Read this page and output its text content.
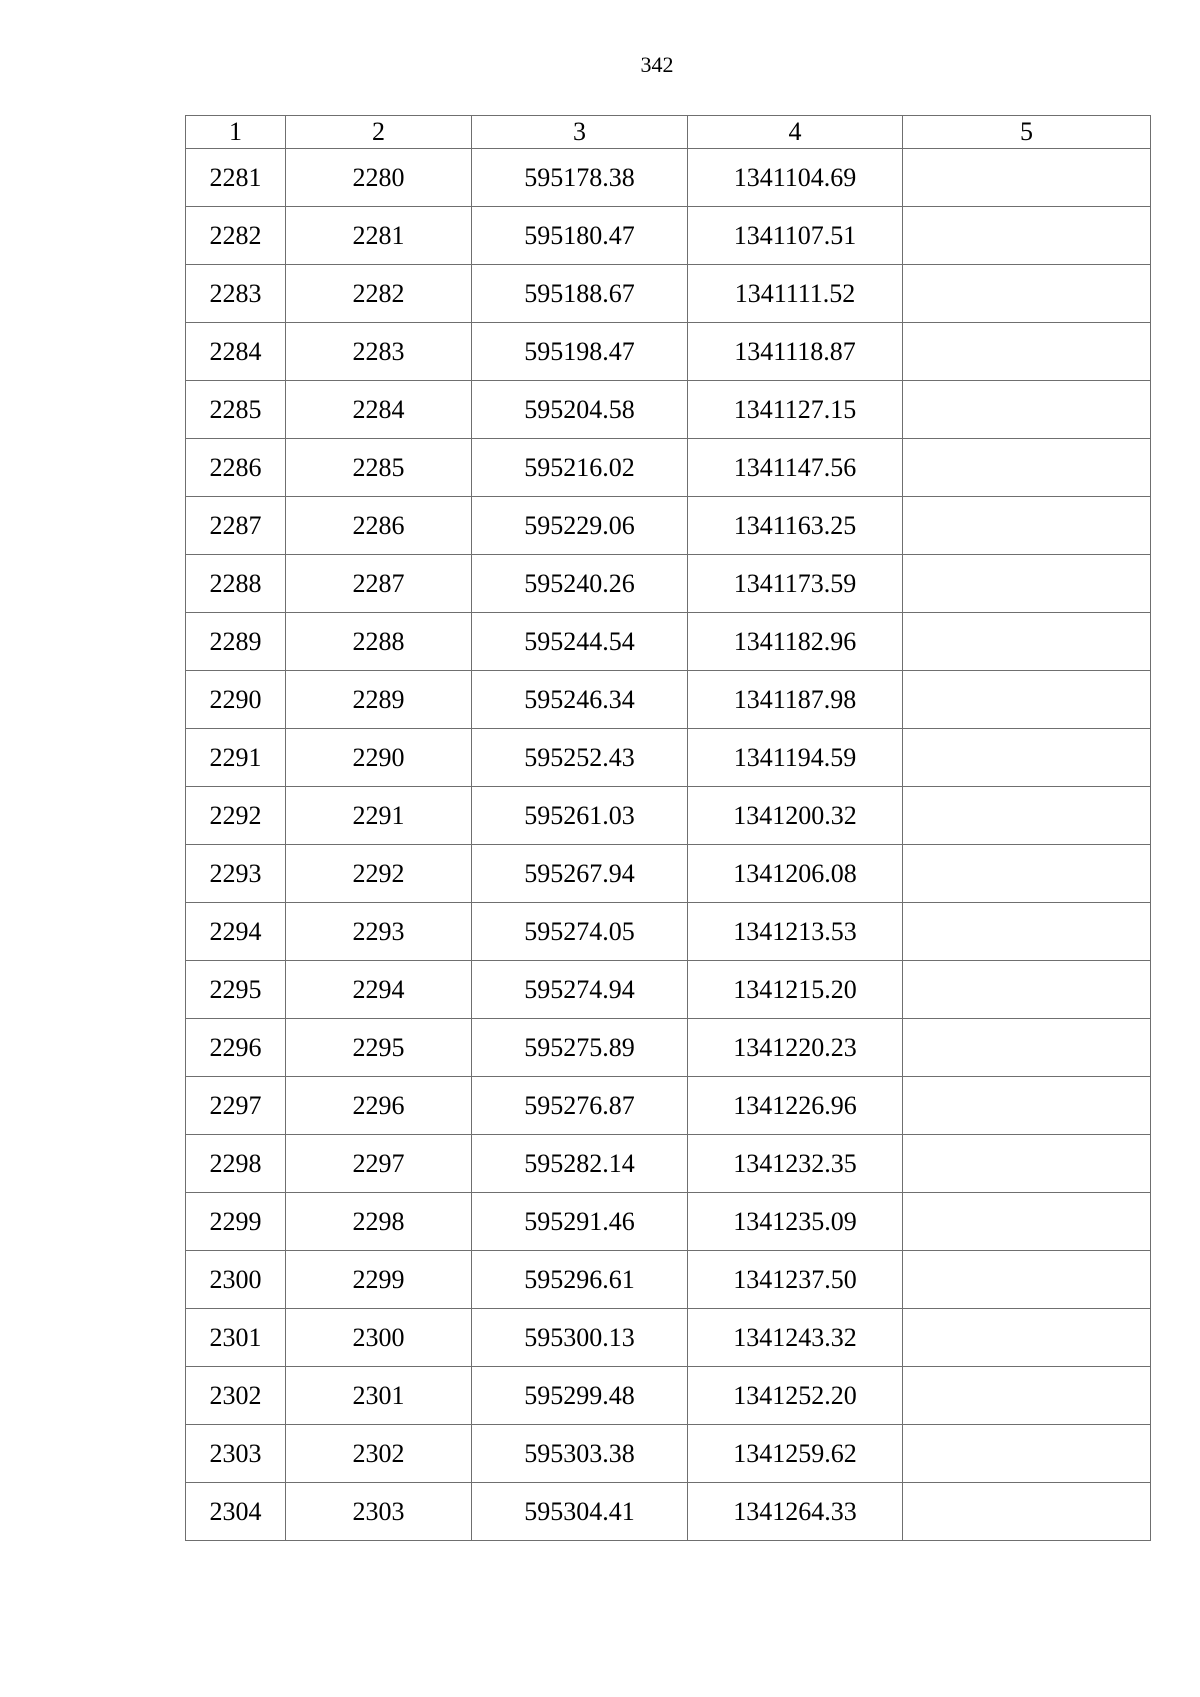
342
1	2	3	4	5
2281	2280	595178.38	1341104.69	
2282	2281	595180.47	1341107.51	
2283	2282	595188.67	1341111.52	
2284	2283	595198.47	1341118.87	
2285	2284	595204.58	1341127.15	
2286	2285	595216.02	1341147.56	
2287	2286	595229.06	1341163.25	
2288	2287	595240.26	1341173.59	
2289	2288	595244.54	1341182.96	
2290	2289	595246.34	1341187.98	
2291	2290	595252.43	1341194.59	
2292	2291	595261.03	1341200.32	
2293	2292	595267.94	1341206.08	
2294	2293	595274.05	1341213.53	
2295	2294	595274.94	1341215.20	
2296	2295	595275.89	1341220.23	
2297	2296	595276.87	1341226.96	
2298	2297	595282.14	1341232.35	
2299	2298	595291.46	1341235.09	
2300	2299	595296.61	1341237.50	
2301	2300	595300.13	1341243.32	
2302	2301	595299.48	1341252.20	
2303	2302	595303.38	1341259.62	
2304	2303	595304.41	1341264.33	
